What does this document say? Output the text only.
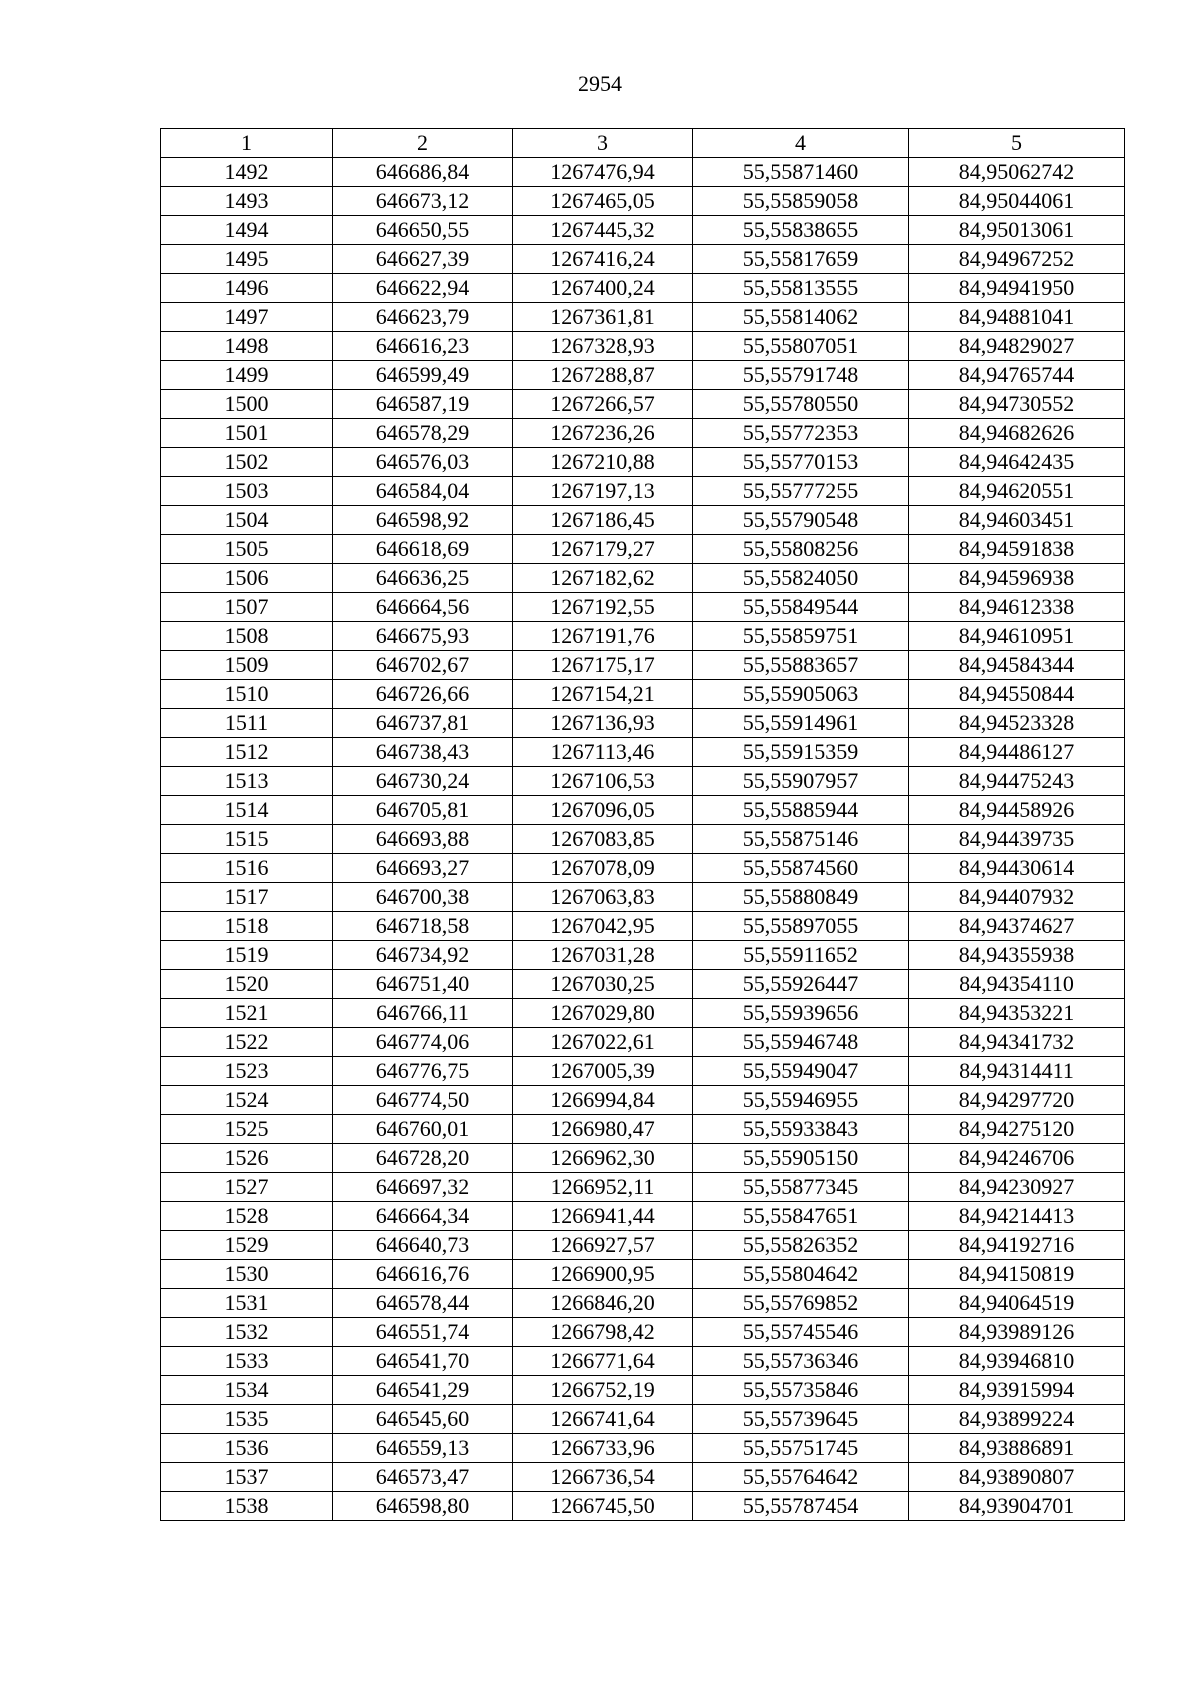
2954
1	2	3	4	5
1492	646686,84	1267476,94	55,55871460	84,95062742
1493	646673,12	1267465,05	55,55859058	84,95044061
1494	646650,55	1267445,32	55,55838655	84,95013061
1495	646627,39	1267416,24	55,55817659	84,94967252
1496	646622,94	1267400,24	55,55813555	84,94941950
1497	646623,79	1267361,81	55,55814062	84,94881041
1498	646616,23	1267328,93	55,55807051	84,94829027
1499	646599,49	1267288,87	55,55791748	84,94765744
1500	646587,19	1267266,57	55,55780550	84,94730552
1501	646578,29	1267236,26	55,55772353	84,94682626
1502	646576,03	1267210,88	55,55770153	84,94642435
1503	646584,04	1267197,13	55,55777255	84,94620551
1504	646598,92	1267186,45	55,55790548	84,94603451
1505	646618,69	1267179,27	55,55808256	84,94591838
1506	646636,25	1267182,62	55,55824050	84,94596938
1507	646664,56	1267192,55	55,55849544	84,94612338
1508	646675,93	1267191,76	55,55859751	84,94610951
1509	646702,67	1267175,17	55,55883657	84,94584344
1510	646726,66	1267154,21	55,55905063	84,94550844
1511	646737,81	1267136,93	55,55914961	84,94523328
1512	646738,43	1267113,46	55,55915359	84,94486127
1513	646730,24	1267106,53	55,55907957	84,94475243
1514	646705,81	1267096,05	55,55885944	84,94458926
1515	646693,88	1267083,85	55,55875146	84,94439735
1516	646693,27	1267078,09	55,55874560	84,94430614
1517	646700,38	1267063,83	55,55880849	84,94407932
1518	646718,58	1267042,95	55,55897055	84,94374627
1519	646734,92	1267031,28	55,55911652	84,94355938
1520	646751,40	1267030,25	55,55926447	84,94354110
1521	646766,11	1267029,80	55,55939656	84,94353221
1522	646774,06	1267022,61	55,55946748	84,94341732
1523	646776,75	1267005,39	55,55949047	84,94314411
1524	646774,50	1266994,84	55,55946955	84,94297720
1525	646760,01	1266980,47	55,55933843	84,94275120
1526	646728,20	1266962,30	55,55905150	84,94246706
1527	646697,32	1266952,11	55,55877345	84,94230927
1528	646664,34	1266941,44	55,55847651	84,94214413
1529	646640,73	1266927,57	55,55826352	84,94192716
1530	646616,76	1266900,95	55,55804642	84,94150819
1531	646578,44	1266846,20	55,55769852	84,94064519
1532	646551,74	1266798,42	55,55745546	84,93989126
1533	646541,70	1266771,64	55,55736346	84,93946810
1534	646541,29	1266752,19	55,55735846	84,93915994
1535	646545,60	1266741,64	55,55739645	84,93899224
1536	646559,13	1266733,96	55,55751745	84,93886891
1537	646573,47	1266736,54	55,55764642	84,93890807
1538	646598,80	1266745,50	55,55787454	84,93904701
